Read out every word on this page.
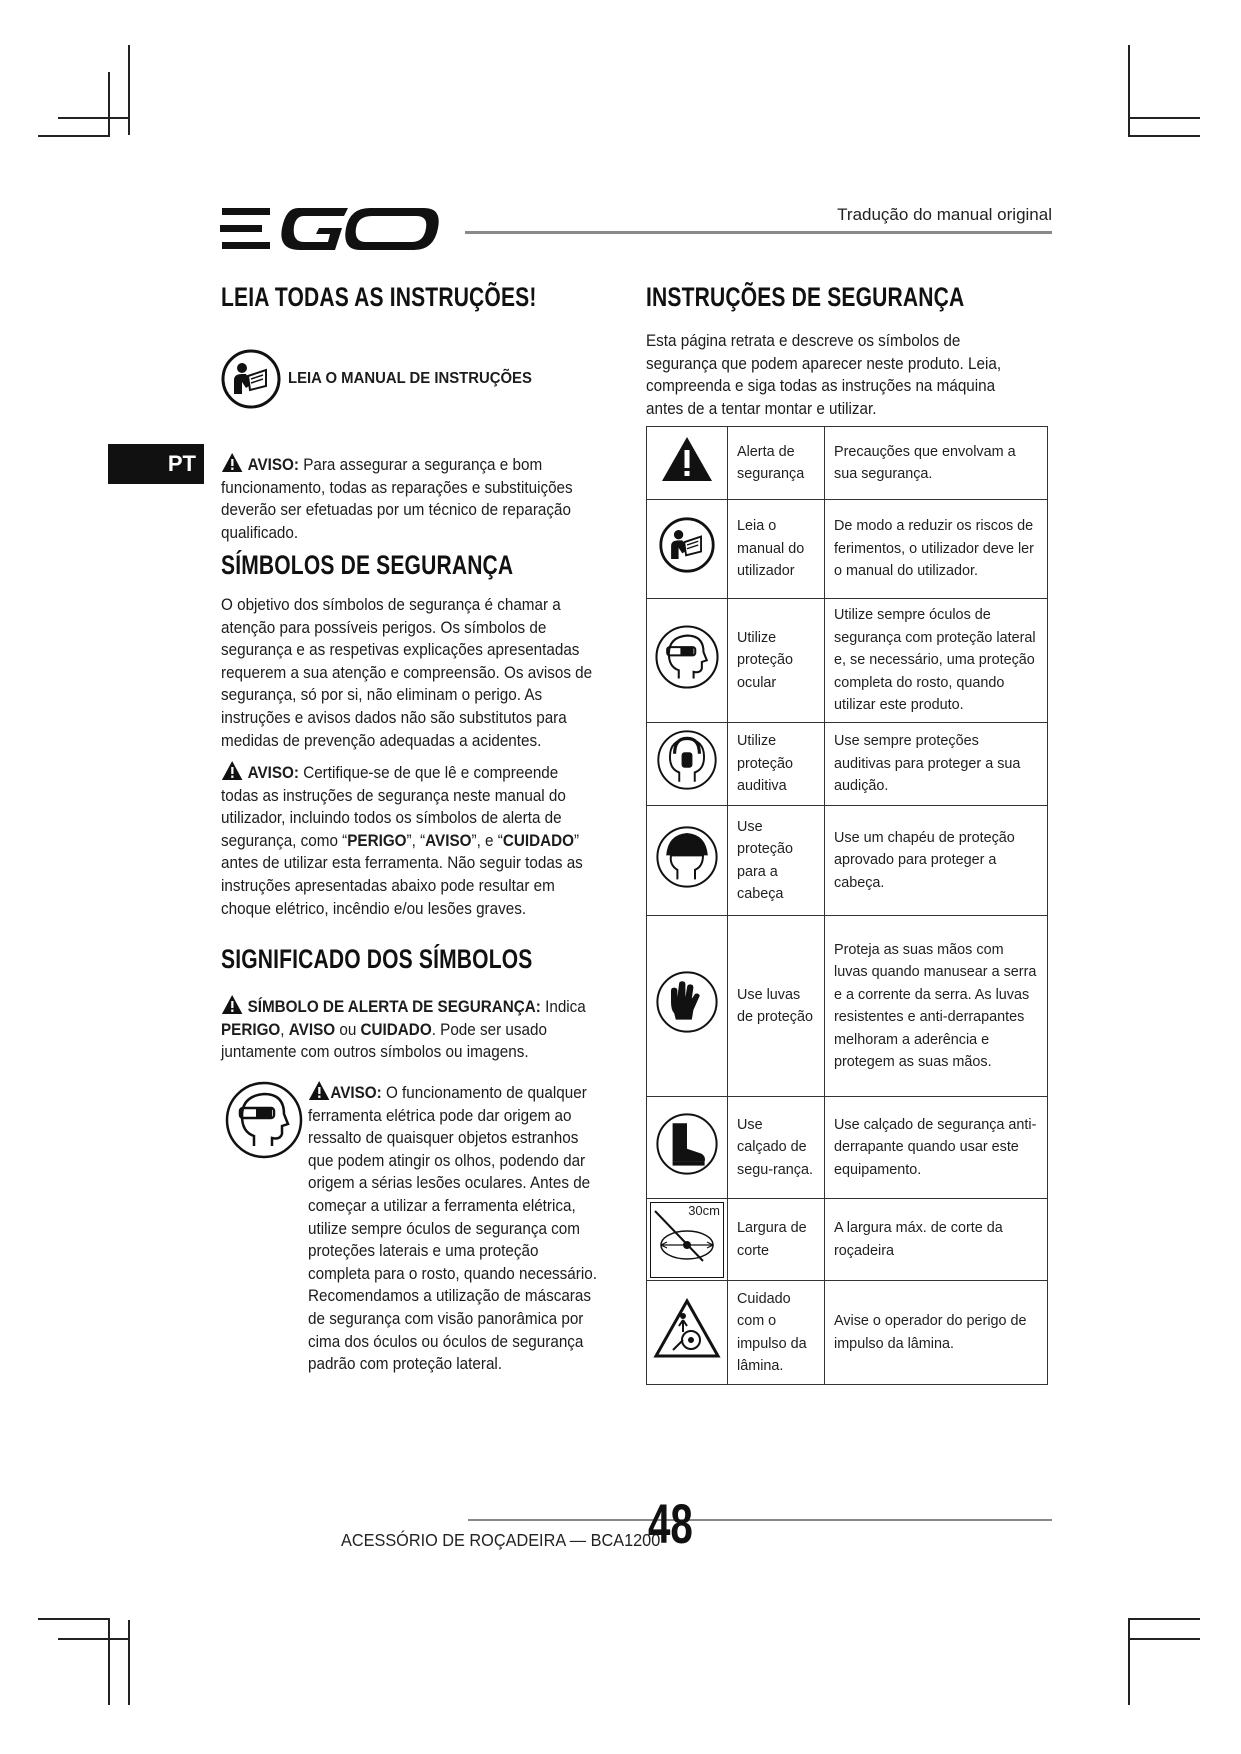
Tradução do manual original
PT
LEIA TODAS AS INSTRUÇÕES!
LEIA O MANUAL DE INSTRUÇÕES
AVISO: Para assegurar a segurança e bom funcionamento, todas as reparações e substituições deverão ser efetuadas por um técnico de reparação qualificado.
SÍMBOLOS DE SEGURANÇA
O objetivo dos símbolos de segurança é chamar a atenção para possíveis perigos. Os símbolos de segurança e as respetivas explicações apresentadas requerem a sua atenção e compreensão. Os avisos de segurança, só por si, não eliminam o perigo. As instruções e avisos dados não são substitutos para medidas de prevenção adequadas a acidentes.
AVISO: Certifique-se de que lê e compreende todas as instruções de segurança neste manual do utilizador, incluindo todos os símbolos de alerta de segurança, como “PERIGO”, “AVISO”, e “CUIDADO” antes de utilizar esta ferramenta. Não seguir todas as instruções apresentadas abaixo pode resultar em choque elétrico, incêndio e/ou lesões graves.
SIGNIFICADO DOS SÍMBOLOS
SÍMBOLO DE ALERTA DE SEGURANÇA: Indica PERIGO, AVISO ou CUIDADO. Pode ser usado juntamente com outros símbolos ou imagens.
AVISO: O funcionamento de qualquer ferramenta elétrica pode dar origem ao ressalto de quaisquer objetos estranhos que podem atingir os olhos, podendo dar origem a sérias lesões oculares. Antes de começar a utilizar a ferramenta elétrica, utilize sempre óculos de segurança com proteções laterais e uma proteção completa para o rosto, quando necessário. Recomendamos a utilização de máscaras de segurança com visão panorâmica por cima dos óculos ou óculos de segurança padrão com proteção lateral.
INSTRUÇÕES DE SEGURANÇA
Esta página retrata e descreve os símbolos de segurança que podem aparecer neste produto. Leia, compreenda e siga todas as instruções na máquina antes de a tentar montar e utilizar.
	Alerta de segurança	Precauções que envolvam a sua segurança.
	Leia o manual do utilizador	De modo a reduzir os riscos de ferimentos, o utilizador deve ler o manual do utilizador.
	Utilize proteção ocular	Utilize sempre óculos de segurança com proteção lateral e, se necessário, uma proteção completa do rosto, quando utilizar este produto.
	Utilize proteção auditiva	Use sempre proteções auditivas para proteger a sua audição.
	Use proteção para a cabeça	Use um chapéu de proteção aprovado para proteger a cabeça.
	Use luvas de proteção	Proteja as suas mãos com luvas quando manusear a serra e a corrente da serra. As luvas resistentes e anti-derrapantes melhoram a aderência e protegem as suas mãos.
	Use calçado de segu-rança.	Use calçado de segurança anti-derrapante quando usar este equipamento.

30cm	Largura de corte	A largura máx. de corte da roçadeira
	Cuidado com o impulso da lâmina.	Avise o operador do perigo de impulso da lâmina.
ACESSÓRIO DE ROÇADEIRA — BCA1200
48
